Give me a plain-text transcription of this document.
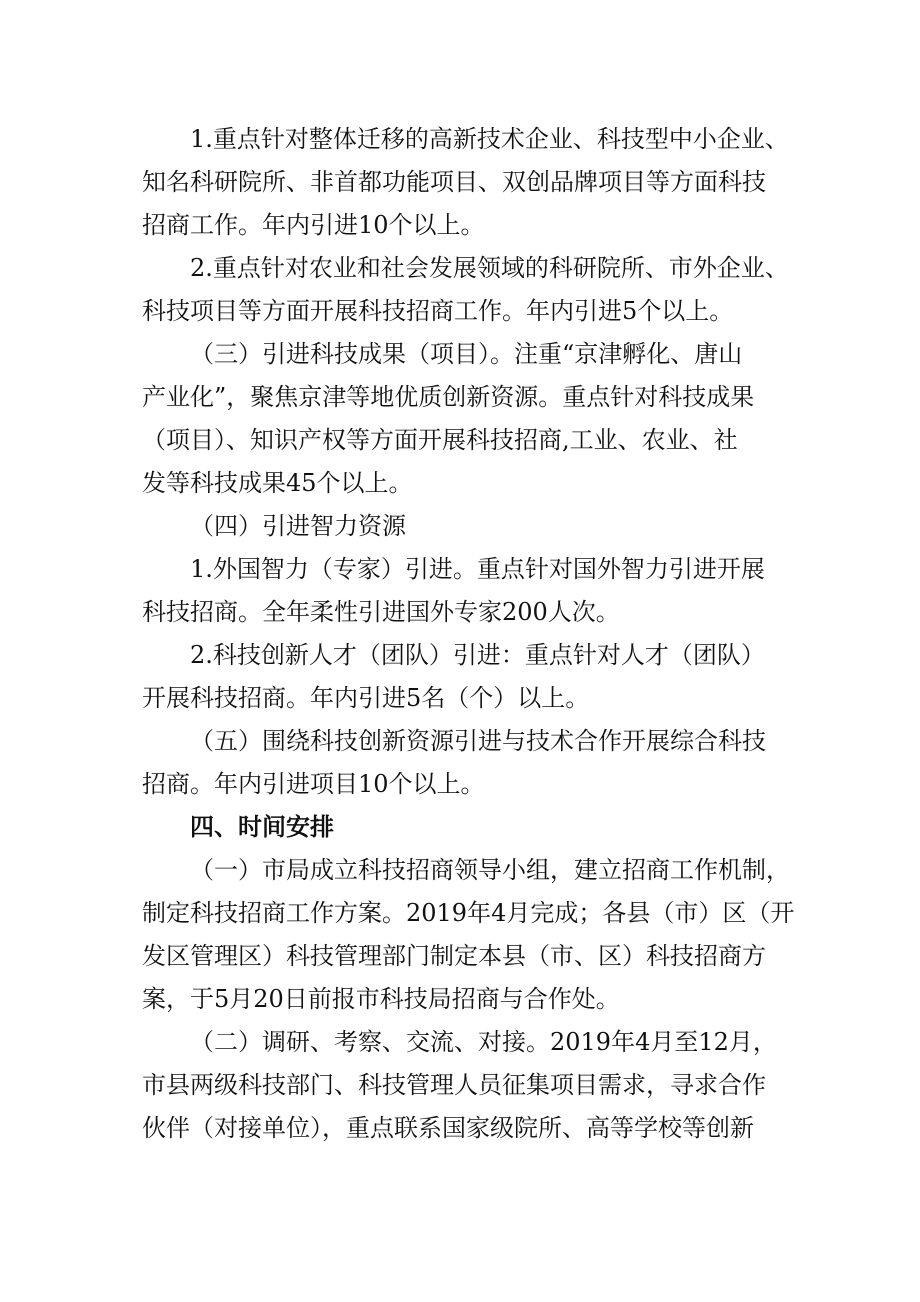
1.重点针对整体迁移的高新技术企业、科技型中小企业、
知名科研院所、非首都功能项目、双创品牌项目等方面科技
招商工作。年内引进10个以上。
2.重点针对农业和社会发展领域的科研院所、市外企业、
科技项目等方面开展科技招商工作。年内引进5个以上。
（三）引进科技成果（项目）。注重“京津孵化、唐山
产业化”，聚焦京津等地优质创新资源。重点针对科技成果
（项目）、知识产权等方面开展科技招商,工业、农业、社
发等科技成果45个以上。
（四）引进智力资源
1.外国智力（专家）引进。重点针对国外智力引进开展
科技招商。全年柔性引进国外专家200人次。
2.科技创新人才（团队）引进：重点针对人才（团队）
开展科技招商。年内引进5名（个）以上。
（五）围绕科技创新资源引进与技术合作开展综合科技
招商。年内引进项目10个以上。
四、时间安排
（一）市局成立科技招商领导小组，建立招商工作机制，
制定科技招商工作方案。2019年4月完成；各县（市）区（开
发区管理区）科技管理部门制定本县（市、区）科技招商方
案，于5月20日前报市科技局招商与合作处。
（二）调研、考察、交流、对接。2019年4月至12月，
市县两级科技部门、科技管理人员征集项目需求，寻求合作
伙伴（对接单位），重点联系国家级院所、高等学校等创新
